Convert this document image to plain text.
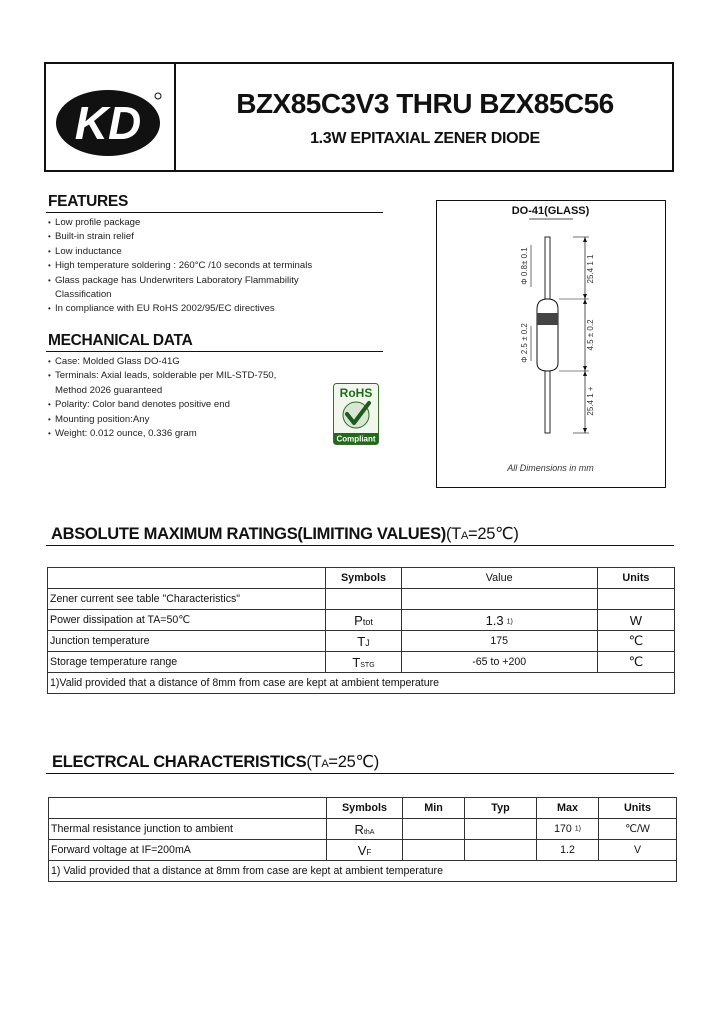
KD	BZX85C3V3 THRU BZX85C56
1.3W EPITAXIAL ZENER DIODE
FEATURES
• Low profile package
• Built-in strain relief
• Low inductance
• High temperature soldering : 260°C /10 seconds at terminals
• Glass package has Underwriters Laboratory Flammability Classification
• In compliance with EU RoHS 2002/95/EC directives
MECHANICAL DATA
• Case: Molded Glass DO-41G
• Terminals: Axial leads, solderable per MIL-STD-750, Method 2026 guaranteed
• Polarity: Color band denotes positive end
• Mounting position:Any
• Weight: 0.012 ounce, 0.336 gram
RoHS
Compliant
DO-41(GLASS)
Φ 0.8± 0.1
Φ 2.5 ± 0.2
25.4 1 1
4.5 ± 0.2
25.4 1 +
All Dimensions in mm
ABSOLUTE MAXIMUM RATINGS(LIMITING VALUES)(TA=25℃)
	Symbols	Value	Units
Zener current see table "Characteristics"			
Power dissipation at TA=50℃	Ptot	1.3 1)	W
Junction temperature	TJ	175	℃
Storage temperature range	TSTG	-65 to +200	℃
1)Valid provided that a distance of 8mm from case are kept at ambient temperature			
ELECTRCAL CHARACTERISTICS(TA=25℃)
	Symbols	Min	Typ	Max	Units
Thermal resistance junction to ambient	RthA			170 1)	℃/W
Forward voltage at IF=200mA	VF			1.2	V
1) Valid provided that a distance at 8mm from case are kept at ambient temperature					
